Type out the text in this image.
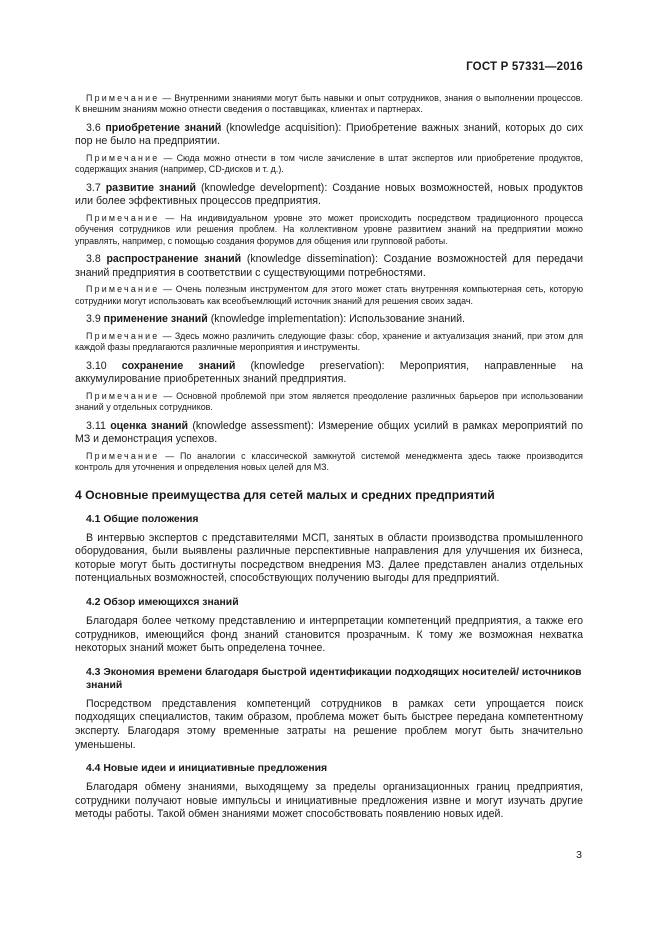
ГОСТ Р 57331—2016

Примечание — Внутренними знаниями могут быть навыки и опыт сотрудников, знания о выполнении процессов. К внешним знаниям можно отнести сведения о поставщиках, клиентах и партнерах.

3.6 приобретение знаний (knowledge acquisition): Приобретение важных знаний, которых до сих пор не было на предприятии.

Примечание — Сюда можно отнести в том числе зачисление в штат экспертов или приобретение продуктов, содержащих знания (например, CD-дисков и т. д.).

3.7 развитие знаний (knowledge development): Создание новых возможностей, новых продуктов или более эффективных процессов предприятия.

Примечание — На индивидуальном уровне это может происходить посредством традиционного процесса обучения сотрудников или решения проблем. На коллективном уровне развитием знаний на предприятии можно управлять, например, с помощью создания форумов для общения или групповой работы.

3.8 распространение знаний (knowledge dissemination): Создание возможностей для передачи знаний предприятия в соответствии с существующими потребностями.

Примечание — Очень полезным инструментом для этого может стать внутренняя компьютерная сеть, которую сотрудники могут использовать как всеобъемлющий источник знаний для решения своих задач.

3.9 применение знаний (knowledge implementation): Использование знаний.

Примечание — Здесь можно различить следующие фазы: сбор, хранение и актуализация знаний, при этом для каждой фазы предлагаются различные мероприятия и инструменты.

3.10 сохранение знаний (knowledge preservation): Мероприятия, направленные на аккумулирование приобретенных знаний предприятия.

Примечание — Основной проблемой при этом является преодоление различных барьеров при использовании знаний у отдельных сотрудников.

3.11 оценка знаний (knowledge assessment): Измерение общих усилий в рамках мероприятий по МЗ и демонстрация успехов.

Примечание — По аналогии с классической замкнутой системой менеджмента здесь также производится контроль для уточнения и определения новых целей для МЗ.

4 Основные преимущества для сетей малых и средних предприятий
4.1 Общие положения

В интервью экспертов с представителями МСП, занятых в области производства промышленного оборудования, были выявлены различные перспективные направления для улучшения их бизнеса, которые могут быть достигнуты посредством внедрения МЗ. Далее представлен анализ отдельных потенциальных возможностей, способствующих получению выгоды для предприятий.

4.2 Обзор имеющихся знаний

Благодаря более четкому представлению и интерпретации компетенций предприятия, а также его сотрудников, имеющийся фонд знаний становится прозрачным. К тому же возможная нехватка некоторых знаний может быть определена точнее.

4.3 Экономия времени благодаря быстрой идентификации подходящих носителей/ источников знаний

Посредством представления компетенций сотрудников в рамках сети упрощается поиск подходящих специалистов, таким образом, проблема может быть быстрее передана компетентному эксперту. Благодаря этому временные затраты на решение проблем могут быть значительно уменьшены.

4.4 Новые идеи и инициативные предложения

Благодаря обмену знаниями, выходящему за пределы организационных границ предприятия, сотрудники получают новые импульсы и инициативные предложения извне и могут изучать другие методы работы. Такой обмен знаниями может способствовать появлению новых идей.

3
